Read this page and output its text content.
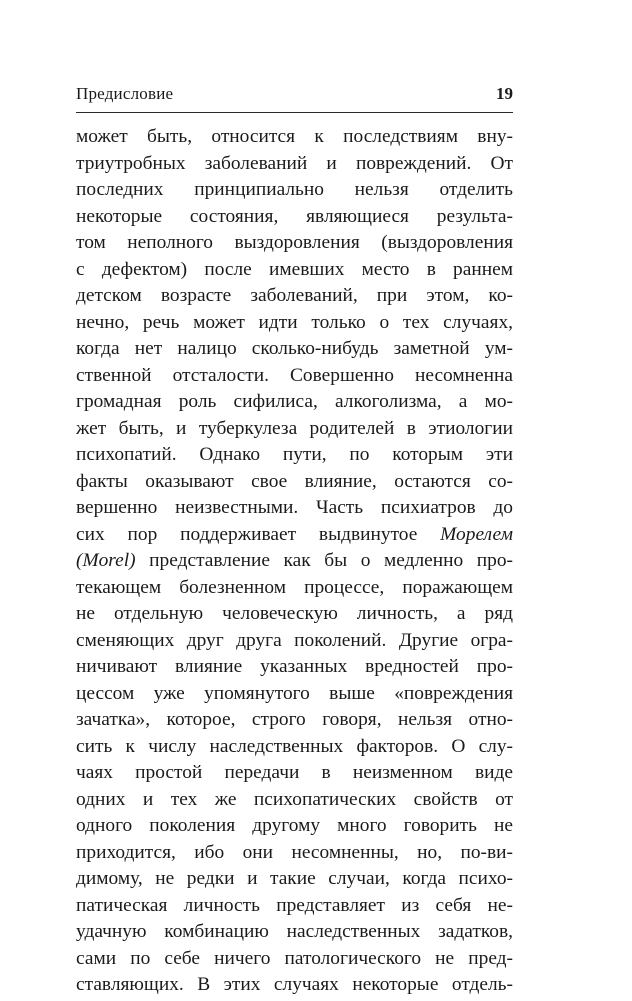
Предисловие	19
может быть, относится к последствиям вну-
триутробных заболеваний и повреждений. От
последних принципиально нельзя отделить
некоторые состояния, являющиеся результа-
том неполного выздоровления (выздоровления
с дефектом) после имевших место в раннем
детском возрасте заболеваний, при этом, ко-
нечно, речь может идти только о тех случаях,
когда нет налицо сколько-нибудь заметной ум-
ственной отсталости. Совершенно несомненна
громадная роль сифилиса, алкоголизма, а мо-
жет быть, и туберкулеза родителей в этиологии
психопатий. Однако пути, по которым эти
факты оказывают свое влияние, остаются со-
вершенно неизвестными. Часть психиатров до
сих пор поддерживает выдвинутое Морелем
(Morel) представление как бы о медленно про-
текающем болезненном процессе, поражающем
не отдельную человеческую личность, а ряд
сменяющих друг друга поколений. Другие огра-
ничивают влияние указанных вредностей про-
цессом уже упомянутого выше «повреждения
зачатка», которое, строго говоря, нельзя отно-
сить к числу наследственных факторов. О слу-
чаях простой передачи в неизменном виде
одних и тех же психопатических свойств от
одного поколения другому много говорить не
приходится, ибо они несомненны, но, по-ви-
димому, не редки и такие случаи, когда психо-
патическая личность представляет из себя не-
удачную комбинацию наследственных задатков,
сами по себе ничего патологического не пред-
ставляющих. В этих случаях некоторые отдель-
